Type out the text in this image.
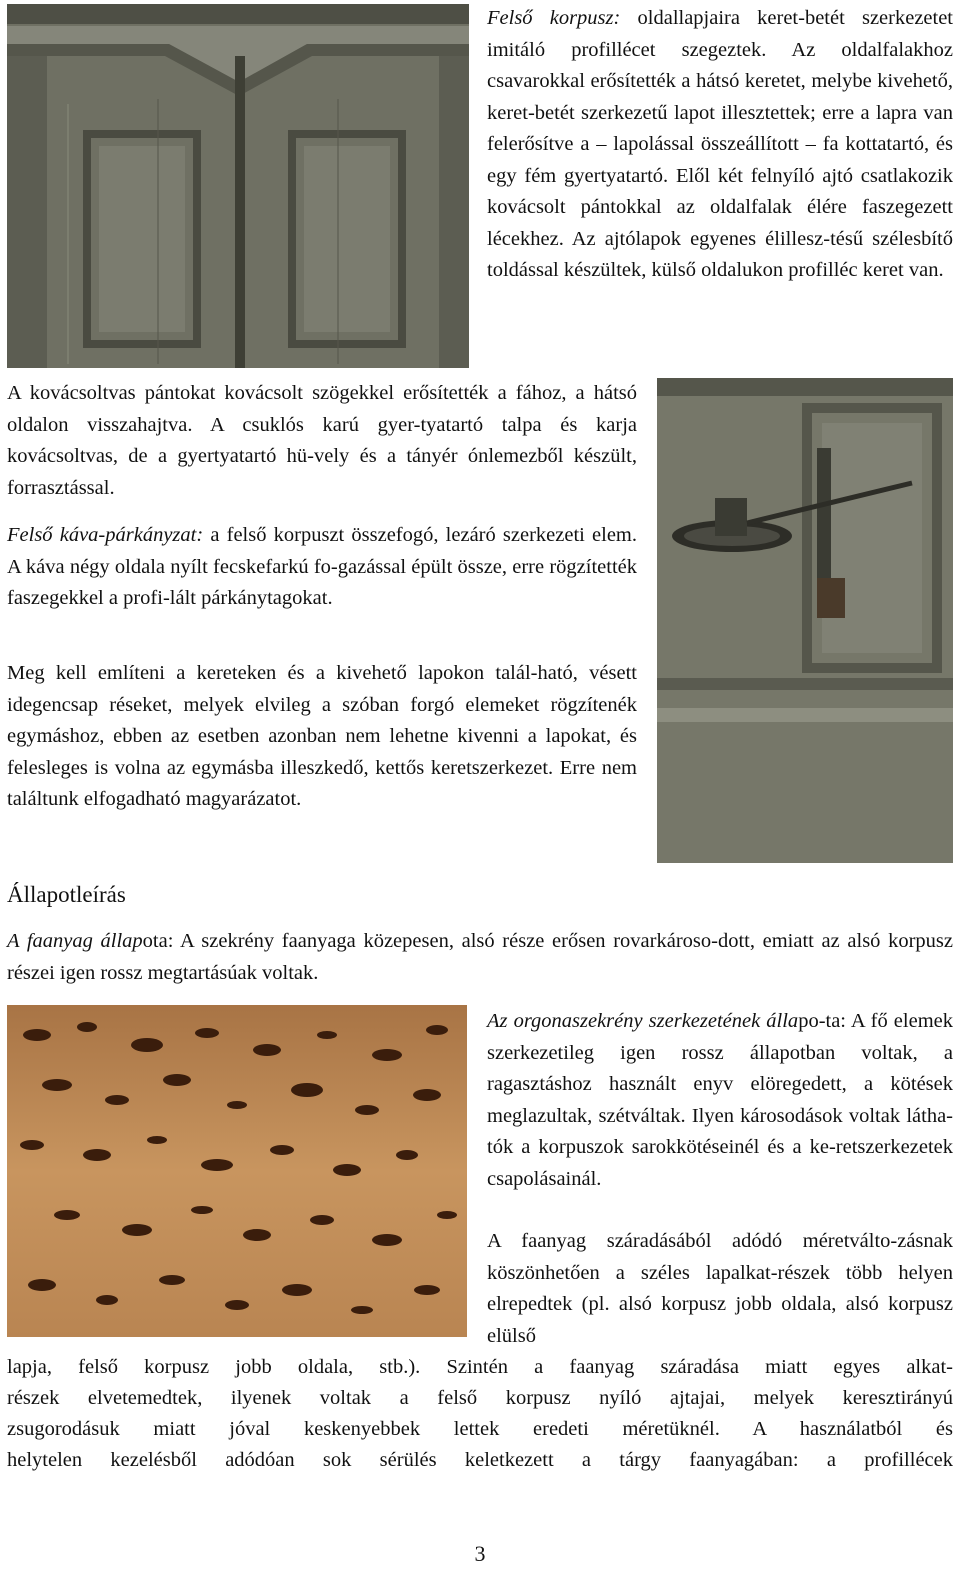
Felső korpusz: oldallapjaira keret-betét szerkezetet imitáló profillécet szegeztek. Az oldalfalakhoz csavarokkal erősítették a hátsó keretet, melybe kivehető, keret-betét szerkezetű lapot illesztettek; erre a lapra van felerősítve a – lapolással összeállított – fa kottatartó, és egy fém gyertyatartó. Elől két felnyíló ajtó csatlakozik kovácsolt pántokkal az oldalfalak élére faszegezett lécekhez. Az ajtólapok egyenes élillesz-tésű szélesbítő toldással készültek, külső oldalukon profilléc keret van.

A kovácsoltvas pántokat kovácsolt szögekkel erősítették a fához, a hátsó oldalon visszahajtva. A csuklós karú gyer-tyatartó talpa és karja kovácsoltvas, de a gyertyatartó hü-vely és a tányér ónlemezből készült, forrasztással.

Felső káva-párkányzat: a felső korpuszt összefogó, lezáró szerkezeti elem. A káva négy oldala nyílt fecskefarkú fo-gazással épült össze, erre rögzítették faszegekkel a profi-lált párkánytagokat.

Meg kell említeni a kereteken és a kivehető lapokon talál-ható, vésett idegencsap réseket, melyek elvileg a szóban forgó elemeket rögzítenék egymáshoz, ebben az esetben azonban nem lehetne kivenni a lapokat, és felesleges is volna az egymásba illeszkedő, kettős keretszerkezet. Erre nem találtunk elfogadható magyarázatot.

Állapotleírás

A faanyag állapota: A szekrény faanyaga közepesen, alsó része erősen rovarkároso-dott, emiatt az alsó korpusz részei igen rossz megtartásúak voltak.

Az orgonaszekrény szerkezetének állapo-ta: A fő elemek szerkezetileg igen rossz állapotban voltak, a ragasztáshoz használt enyv elöregedett, a kötések meglazultak, szétváltak. Ilyen károsodások voltak látha-tók a korpuszok sarokkötéseinél és a ke-retszerkezetek csapolásainál.

A faanyag száradásából adódó méretválto-zásnak köszönhetően a széles lapalkat-részek több helyen elrepedtek (pl. alsó korpusz jobb oldala, alsó korpusz elülső

lapja, felső korpusz jobb oldala, stb.). Szintén a faanyag száradása miatt egyes alkat-

részek elvetemedtek, ilyenek voltak a felső korpusz nyíló ajtajai, melyek keresztirányú

zsugorodásuk miatt jóval keskenyebbek lettek eredeti méretüknél. A használatból és

helytelen kezelésből adódóan sok sérülés keletkezett a tárgy faanyagában: a profillécek

3
